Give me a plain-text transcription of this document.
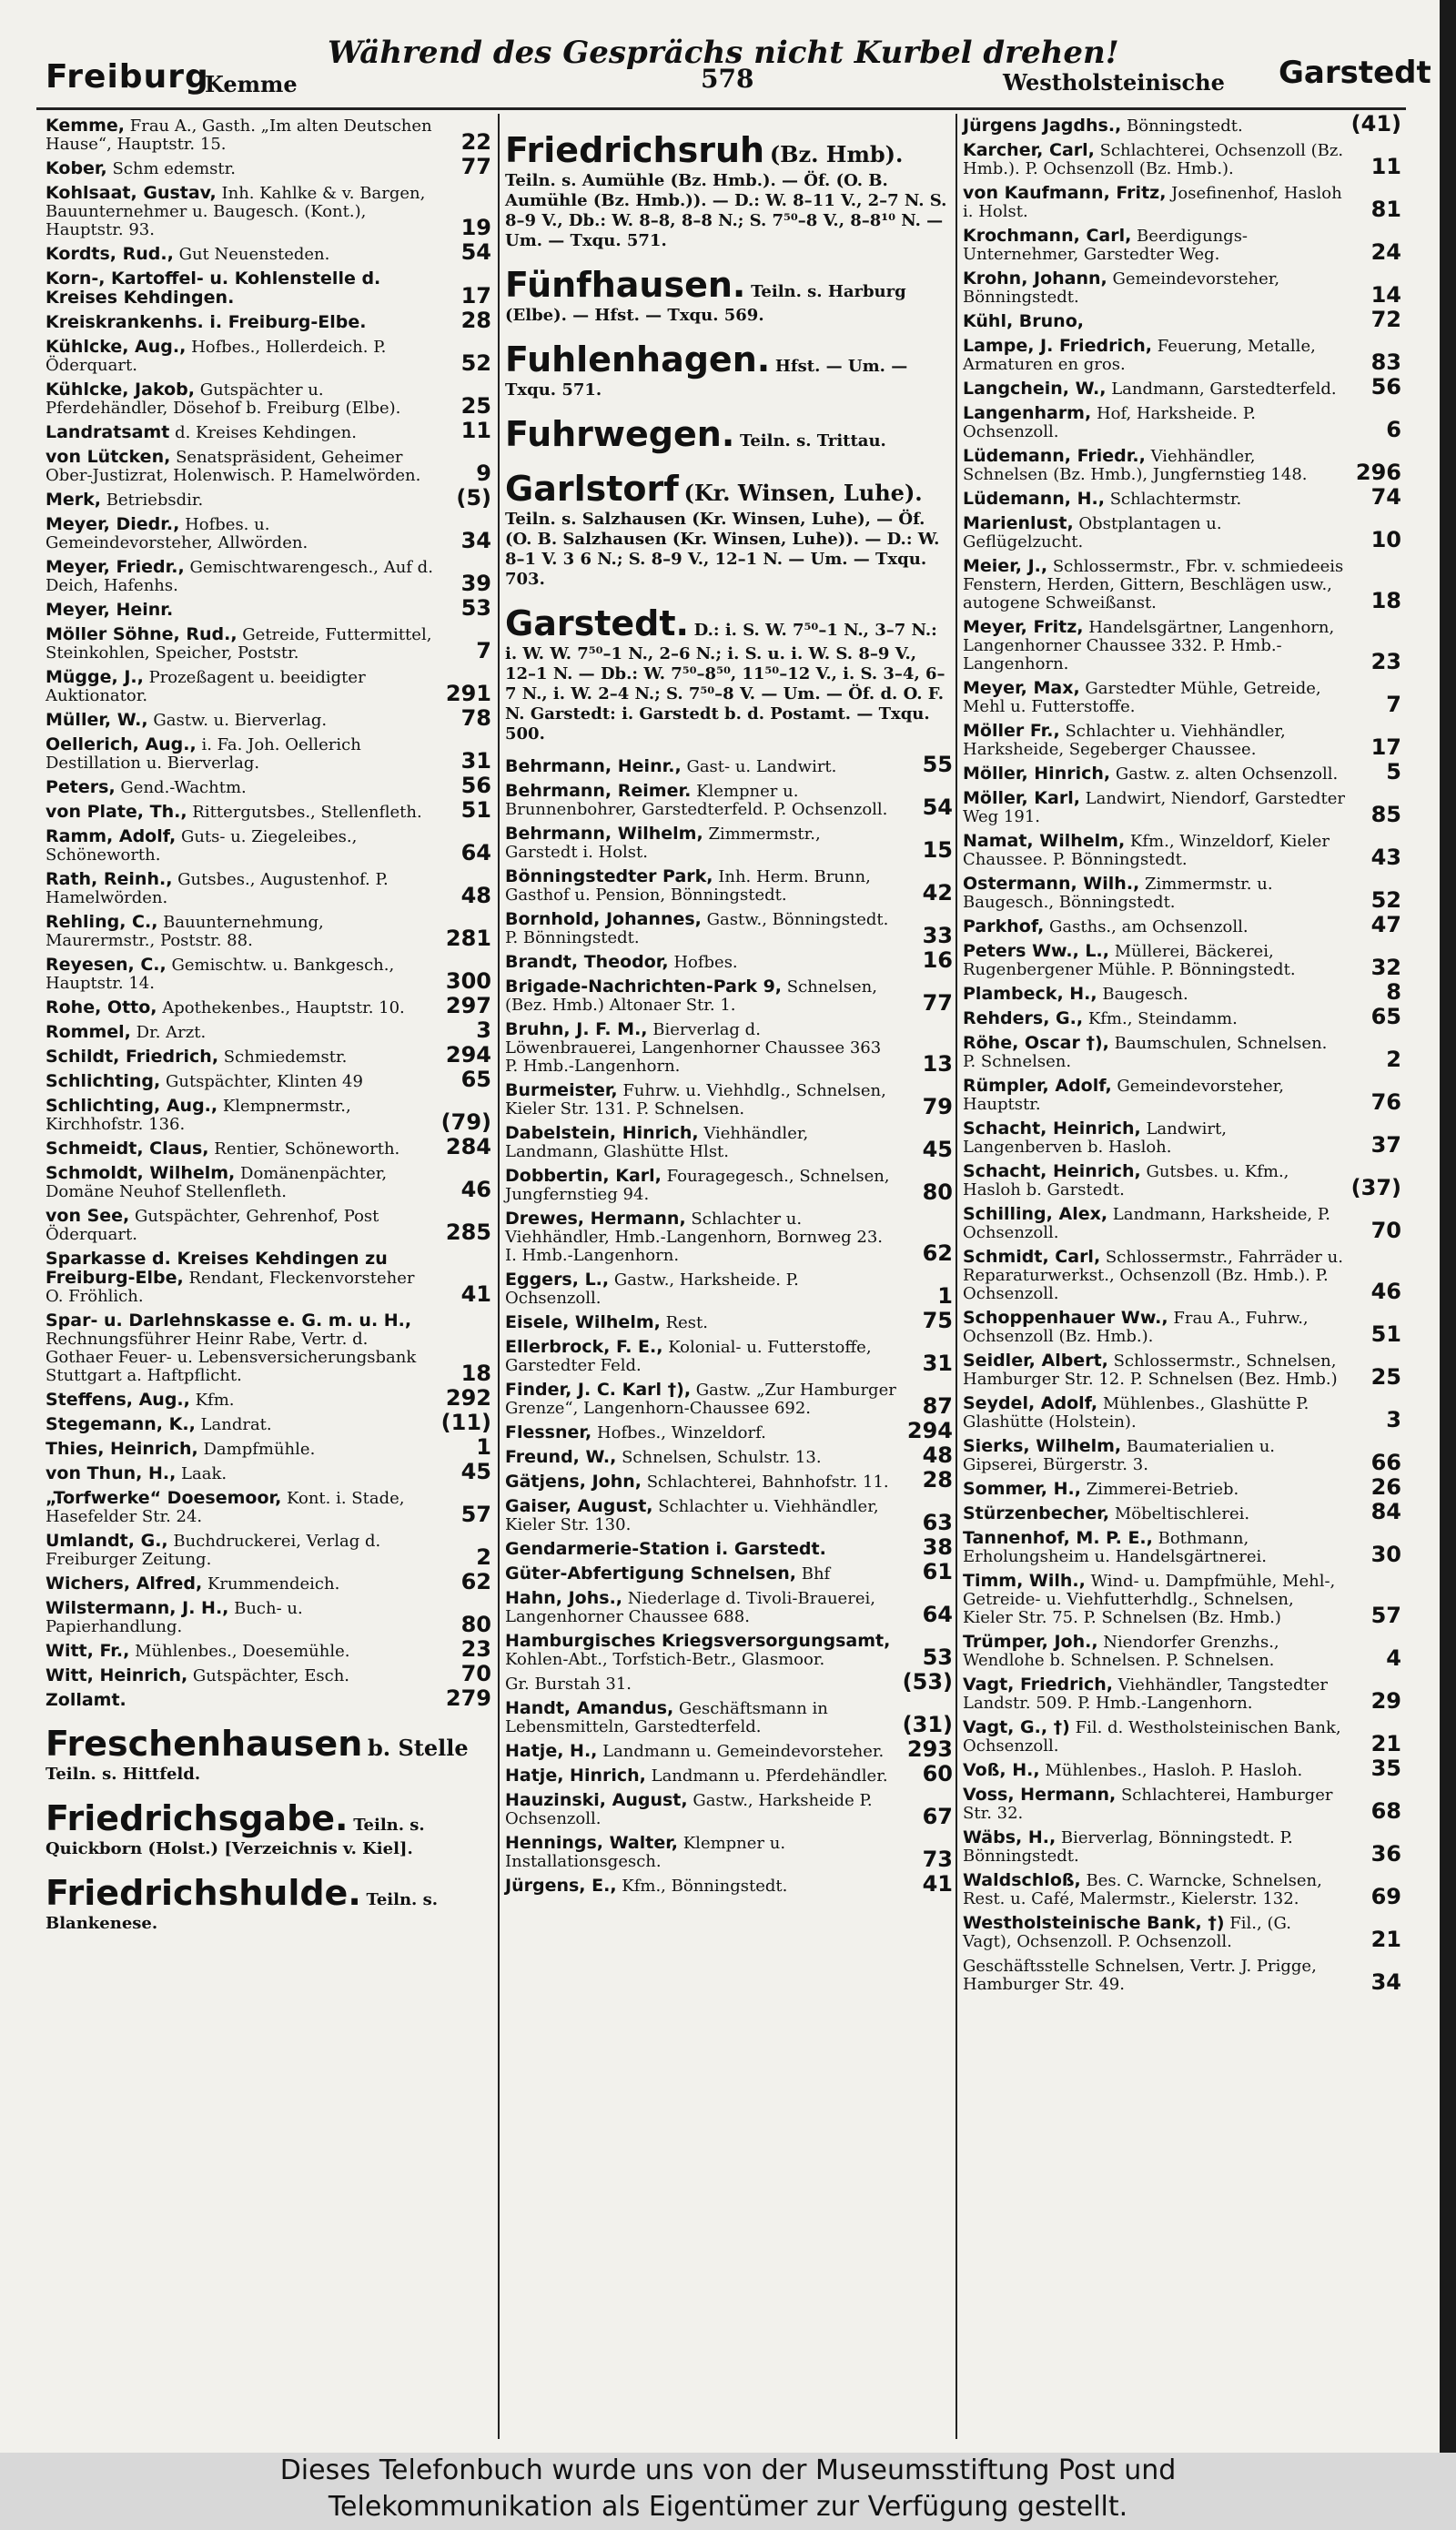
Freiburg
Kemme
Während des Gesprächs nicht Kurbel drehen!
578	Westholsteinische Garstedt
Kemme, Frau A., Gasth. „Im alten Deutschen Hause“, Hauptstr. 15.	22
Kober, Schm edemstr.	77
Kohlsaat, Gustav, Inh. Kahlke & v. Bargen, Bauunternehmer u. Baugesch. (Kont.), Hauptstr. 93.	19
Kordts, Rud., Gut Neuensteden.	54
Korn-, Kartoffel- u. Kohlenstelle d. Kreises Kehdingen.	17
Kreiskrankenhs. i. Freiburg-Elbe.	28
Kühlcke, Aug., Hofbes., Hollerdeich. P. Öderquart.	52
Kühlcke, Jakob, Gutspächter u. Pferdehändler, Dösehof b. Freiburg (Elbe).	25
Landratsamt d. Kreises Kehdingen.	11
von Lütcken, Senatspräsident, Geheimer Ober-Justizrat, Holenwisch. P. Hamelwörden.	9
Merk, Betriebsdir.	(5)
Meyer, Diedr., Hofbes. u. Gemeindevorsteher, Allwörden.	34
Meyer, Friedr., Gemischtwarengesch., Auf d. Deich, Hafenhs.	39
Meyer, Heinr.	53
Möller Söhne, Rud., Getreide, Futtermittel, Steinkohlen, Speicher, Poststr.	7
Mügge, J., Prozeßagent u. beeidigter Auktionator.	291
Müller, W., Gastw. u. Bierverlag.	78
Oellerich, Aug., i. Fa. Joh. Oellerich Destillation u. Bierverlag.	31
Peters, Gend.-Wachtm.	56
von Plate, Th., Rittergutsbes., Stellenfleth. 51
Ramm, Adolf, Guts- u. Ziegeleibes., Schöneworth.	64
Rath, Reinh., Gutsbes., Augustenhof. P. Hamelwörden.	48
Rehling, C., Bauunternehmung, Maurermstr., Poststr. 88.	281
Reyesen, C., Gemischtw. u. Bankgesch., Hauptstr. 14.	300
Rohe, Otto, Apothekenbes., Hauptstr. 10. 297
Rommel, Dr. Arzt.	3
Schildt, Friedrich, Schmiedemstr.	294
Schlichting, Gutspächter, Klinten 49	65
Schlichting, Aug., Klempnermstr., Kirchhofstr. 136.	(79)
Schmeidt, Claus, Rentier, Schöneworth. 284
Schmoldt, Wilhelm, Domänenpächter, Domäne Neuhof Stellenfleth.	46
von See, Gutspächter, Gehrenhof, Post Öderquart.	285
Sparkasse d. Kreises Kehdingen zu Freiburg-Elbe, Rendant, Fleckenvorsteher O. Fröhlich.	41
Spar- u. Darlehnskasse e. G. m. u. H., Rechnungsführer Heinr Rabe, Vertr. d. Gothaer Feuer- u. Lebensversicherungsbank Stuttgart a. Haftpflicht.	18
Steffens, Aug., Kfm.	292
Stegemann, K., Landrat.	(11)
Thies, Heinrich, Dampfmühle.	1
von Thun, H., Laak.	45
„Torfwerke“ Doesemoor, Kont. i. Stade, Hasefelder Str. 24.	57
Umlandt, G., Buchdruckerei, Verlag d. Freiburger Zeitung.	2
Wichers, Alfred, Krummendeich.	62
Wilstermann, J. H., Buch- u. Papierhandlung.	80
Witt, Fr., Mühlenbes., Doesemühle.	23
Witt, Heinrich, Gutspächter, Esch.	70
Zollamt.	279
Freschenhausen b. Stelle Teiln. s. Hittfeld.
Friedrichsgabe. Teiln. s. Quickborn (Holst.) [Verzeichnis v. Kiel].
Friedrichshulde. Teiln. s. Blankenese.
Friedrichsruh (Bz. Hmb). Teiln. s. Aumühle (Bz. Hmb.). — Öf. (O. B. Aumühle (Bz. Hmb.)). — D.: W. 8–11 V., 2–7 N. S. 8–9 V., Db.: W. 8–8, 8–8 N.; S. 7⁵⁰–8 V., 8–8¹⁰ N. — Um. — Txqu. 571.
Fünfhausen. Teiln. s. Harburg (Elbe). — Hfst. — Txqu. 569.
Fuhlenhagen. Hfst. — Um. — Txqu. 571.
Fuhrwegen. Teiln. s. Trittau.
Garlstorf (Kr. Winsen, Luhe). Teiln. s. Salzhausen (Kr. Winsen, Luhe), — Öf. (O. B. Salzhausen (Kr. Winsen, Luhe)). — D.: W. 8–1 V. 3 6 N.; S. 8–9 V., 12–1 N. — Um. — Txqu. 703.
Garstedt. D.: i. S. W. 7⁵⁰–1 N., 3–7 N.: i. W. W. 7⁵⁰–1 N., 2–6 N.; i. S. u. i. W. S. 8–9 V., 12–1 N. — Db.: W. 7⁵⁰–8⁵⁰, 11⁵⁰–12 V., i. S. 3–4, 6–7 N., i. W. 2–4 N.; S. 7⁵⁰–8 V. — Um. — Öf. d. O. F. N. Garstedt: i. Garstedt b. d. Postamt. — Txqu. 500.
Behrmann, Heinr., Gast- u. Landwirt.	55
Behrmann, Reimer. Klempner u. Brunnenbohrer, Garstedterfeld. P. Ochsenzoll. 54
Behrmann, Wilhelm, Zimmermstr., Garstedt i. Holst.	15
Bönningstedter Park, Inh. Herm. Brunn, Gasthof u. Pension, Bönningstedt.	42
Bornhold, Johannes, Gastw., Bönningstedt. P. Bönningstedt.	33
Brandt, Theodor, Hofbes.	16
Brigade-Nachrichten-Park 9, Schnelsen, (Bez. Hmb.) Altonaer Str. 1.	77
Bruhn, J. F. M., Bierverlag d. Löwenbrauerei, Langenhorner Chaussee 363 P. Hmb.-Langenhorn.	13
Burmeister, Fuhrw. u. Viehhdlg., Schnelsen, Kieler Str. 131. P. Schnelsen.	79
Dabelstein, Hinrich, Viehhändler, Landmann, Glashütte Hlst.	45
Dobbertin, Karl, Fouragegesch., Schnelsen, Jungfernstieg 94.	80
Drewes, Hermann, Schlachter u. Viehhändler, Hmb.-Langenhorn, Bornweg 23. I. Hmb.-Langenhorn.	62
Eggers, L., Gastw., Harksheide. P. Ochsenzoll.	1
Eisele, Wilhelm, Rest.	75
Ellerbrock, F. E., Kolonial- u. Futterstoffe, Garstedter Feld.	31
Finder, J. C. Karl †), Gastw. „Zur Hamburger Grenze“, Langenhorn-Chaussee 692.	87
Flessner, Hofbes., Winzeldorf.	294
Freund, W., Schnelsen, Schulstr. 13.	48
Gätjens, John, Schlachterei, Bahnhofstr. 11. 28
Gaiser, August, Schlachter u. Viehhändler, Kieler Str. 130.	63
Gendarmerie-Station i. Garstedt.	38
Güter-Abfertigung Schnelsen, Bhf	61
Hahn, Johs., Niederlage d. Tivoli-Brauerei, Langenhorner Chaussee 688.	64
Hamburgisches Kriegsversorgungsamt, Kohlen-Abt., Torfstich-Betr., Glasmoor.	53
Gr. Burstah 31.	(53)
Handt, Amandus, Geschäftsmann in Lebensmitteln, Garstedterfeld.	(31)
Hatje, H., Landmann u. Gemeindevorsteher. 293
Hatje, Hinrich, Landmann u. Pferdehändler. 60
Hauzinski, August, Gastw., Harksheide P. Ochsenzoll.	67
Hennings, Walter, Klempner u. Installationsgesch.	73
Jürgens, E., Kfm., Bönningstedt.	41
Jürgens Jagdhs., Bönningstedt.	(41)
Karcher, Carl, Schlachterei, Ochsenzoll (Bz. Hmb.). P. Ochsenzoll (Bz. Hmb.).	11
von Kaufmann, Fritz, Josefinenhof, Hasloh i. Holst.	81
Krochmann, Carl, Beerdigungs-Unternehmer, Garstedter Weg.	24
Krohn, Johann, Gemeindevorsteher, Bönningstedt.	14
Kühl, Bruno,	72
Lampe, J. Friedrich, Feuerung, Metalle, Armaturen en gros.	83
Langchein, W., Landmann, Garstedterfeld. 56
Langenharm, Hof, Harksheide. P. Ochsenzoll.	6
Lüdemann, Friedr., Viehhändler, Schnelsen (Bz. Hmb.), Jungfernstieg 148. 296
Lüdemann, H., Schlachtermstr.	74
Marienlust, Obstplantagen u. Geflügelzucht.	10
Meier, J., Schlossermstr., Fbr. v. schmiedeeis Fenstern, Herden, Gittern, Beschlägen usw., autogene Schweißanst.	18
Meyer, Fritz, Handelsgärtner, Langenhorn, Langenhorner Chaussee 332. P. Hmb.-Langenhorn.	23
Meyer, Max, Garstedter Mühle, Getreide, Mehl u. Futterstoffe.	7
Möller Fr., Schlachter u. Viehhändler, Harksheide, Segeberger Chaussee.	17
Möller, Hinrich, Gastw. z. alten Ochsenzoll. 5
Möller, Karl, Landwirt, Niendorf, Garstedter Weg 191.	85
Namat, Wilhelm, Kfm., Winzeldorf, Kieler Chaussee. P. Bönningstedt.	43
Ostermann, Wilh., Zimmermstr. u. Baugesch., Bönningstedt.	52
Parkhof, Gasths., am Ochsenzoll.	47
Peters Ww., L., Müllerei, Bäckerei, Rugenbergener Mühle. P. Bönningstedt.	32
Plambeck, H., Baugesch.	8
Rehders, G., Kfm., Steindamm.	65
Röhe, Oscar †), Baumschulen, Schnelsen. P. Schnelsen.	2
Rümpler, Adolf, Gemeindevorsteher, Hauptstr.	76
Schacht, Heinrich, Landwirt, Langenberven b. Hasloh.	37
Schacht, Heinrich, Gutsbes. u. Kfm., Hasloh b. Garstedt.	(37)
Schilling, Alex, Landmann, Harksheide, P. Ochsenzoll.	70
Schmidt, Carl, Schlossermstr., Fahrräder u. Reparaturwerkst., Ochsenzoll (Bz. Hmb.). P. Ochsenzoll.	46
Schoppenhauer Ww., Frau A., Fuhrw., Ochsenzoll (Bz. Hmb.).	51
Seidler, Albert, Schlossermstr., Schnelsen, Hamburger Str. 12. P. Schnelsen (Bez. Hmb.) 25
Seydel, Adolf, Mühlenbes., Glashütte P. Glashütte (Holstein).	3
Sierks, Wilhelm, Baumaterialien u. Gipserei, Bürgerstr. 3.	66
Sommer, H., Zimmerei-Betrieb.	26
Stürzenbecher, Möbeltischlerei.	84
Tannenhof, M. P. E., Bothmann, Erholungsheim u. Handelsgärtnerei.	30
Timm, Wilh., Wind- u. Dampfmühle, Mehl-, Getreide- u. Viehfutterhdlg., Schnelsen, Kieler Str. 75. P. Schnelsen (Bz. Hmb.)	57
Trümper, Joh., Niendorfer Grenzhs., Wendlohe b. Schnelsen. P. Schnelsen.	4
Vagt, Friedrich, Viehhändler, Tangstedter Landstr. 509. P. Hmb.-Langenhorn.	29
Vagt, G., †) Fil. d. Westholsteinischen Bank, Ochsenzoll.	21
Voß, H., Mühlenbes., Hasloh. P. Hasloh.	35
Voss, Hermann, Schlachterei, Hamburger Str. 32.	68
Wäbs, H., Bierverlag, Bönningstedt. P. Bönningstedt.	36
Waldschloß, Bes. C. Warncke, Schnelsen, Rest. u. Café, Malermstr., Kielerstr. 132.	69
Westholsteinische Bank, †) Fil., (G. Vagt), Ochsenzoll. P. Ochsenzoll.	21
Geschäftsstelle Schnelsen, Vertr. J. Prigge, Hamburger Str. 49.	34
Dieses Telefonbuch wurde uns von der Museumsstiftung Post und
Telekommunikation als Eigentümer zur Verfügung gestellt.
